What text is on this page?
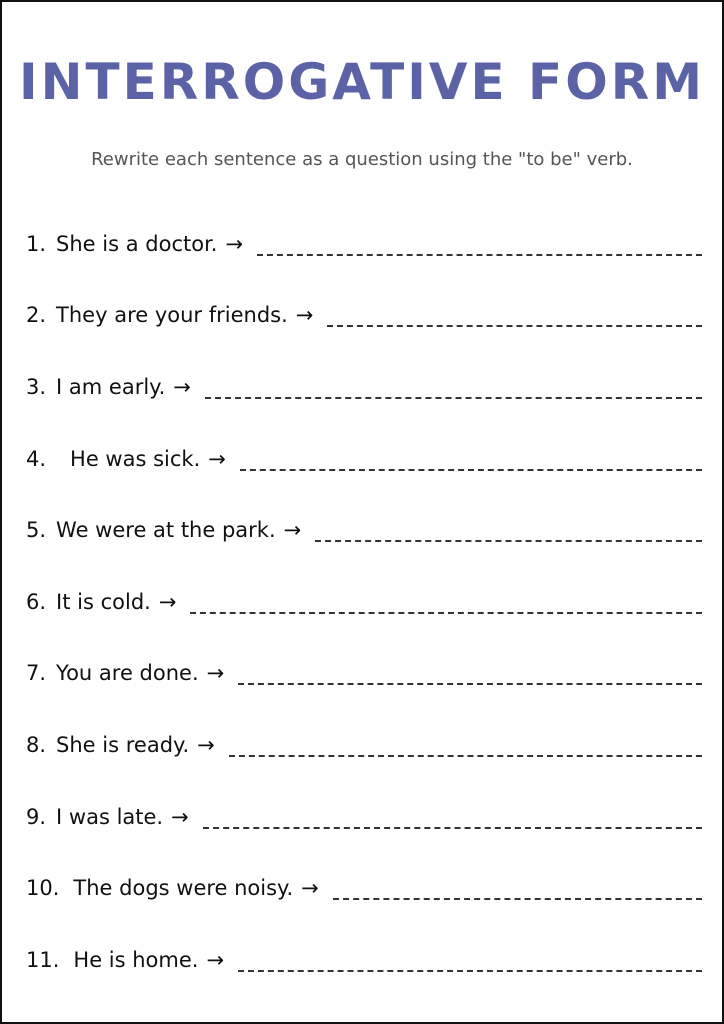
INTERROGATIVE FORM
Rewrite each sentence as a question using the "to be" verb.
1. She is a doctor. →
2. They are your friends. →
3. I am early. →
4. He was sick. →
5. We were at the park. →
6. It is cold. →
7. You are done. →
8. She is ready. →
9. I was late. →
10. The dogs were noisy. →
11. He is home. →
